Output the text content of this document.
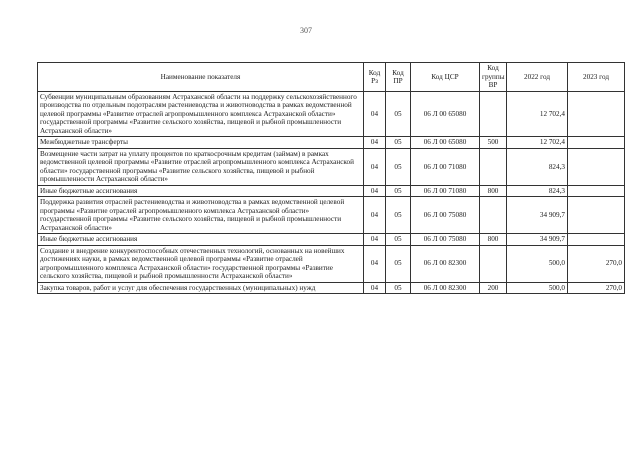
307
Наименование показателя	Код Рз	Код ПР	Код ЦСР	Код группы ВР	2022 год	2023 год
Субвенции муниципальным образованиям Астраханской области на поддержку сельскохозяйственного производства по отдельным подотраслям растениеводства и животноводства в рамках ведомственной целевой программы «Развитие отраслей агропромышленного комплекса Астраханской области» государственной программы «Развитие сельского хозяйства, пищевой и рыбной промышленности Астраханской области»	04	05	06 Л 00 65080		12 702,4	
Межбюджетные трансферты	04	05	06 Л 00 65080	500	12 702,4	
Возмещение части затрат на уплату процентов по краткосрочным кредитам (займам) в рамках ведомственной целевой программы «Развитие отраслей агропромышленного комплекса Астраханской области» государственной программы «Развитие сельского хозяйства, пищевой и рыбной промышленности Астраханской области»	04	05	06 Л 00 71080		824,3	
Иные бюджетные ассигнования	04	05	06 Л 00 71080	800	824,3	
Поддержка развития отраслей растениеводства и животноводства в рамках ведомственной целевой программы «Развитие отраслей агропромышленного комплекса Астраханской области» государственной программы «Развитие сельского хозяйства, пищевой и рыбной промышленности Астраханской области»	04	05	06 Л 00 75080		34 909,7	
Иные бюджетные ассигнования	04	05	06 Л 00 75080	800	34 909,7	
Создание и внедрение конкурентоспособных отечественных технологий, основанных на новейших достижениях науки, в рамках ведомственной целевой программы «Развитие отраслей агропромышленного комплекса Астраханской области» государственной программы «Развитие сельского хозяйства, пищевой и рыбной промышленности Астраханской области»	04	05	06 Л 00 82300		500,0	270,0
Закупка товаров, работ и услуг для обеспечения государственных (муниципальных) нужд	04	05	06 Л 00 82300	200	500,0	270,0
